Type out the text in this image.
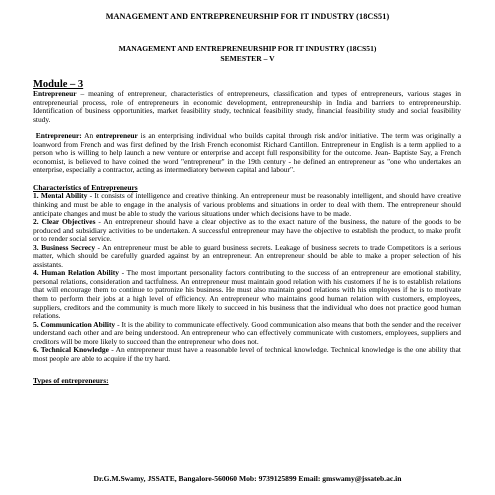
MANAGEMENT AND ENTREPRENEURSHIP FOR IT INDUSTRY (18CS51)
MANAGEMENT AND ENTREPRENEURSHIP FOR IT INDUSTRY (18CS51)
SEMESTER – V
Module – 3

Entrepreneur – meaning of entrepreneur, characteristics of entrepreneurs, classification and types of entrepreneurs, various stages in entrepreneurial process, role of entrepreneurs in economic development, entrepreneurship in India and barriers to entrepreneurship. Identification of business opportunities, market feasibility study, technical feasibility study, financial feasibility study and social feasibility study.

Entrepreneur: An entrepreneur is an enterprising individual who builds capital through risk and/or initiative. The term was originally a loanword from French and was first defined by the Irish French economist Richard Cantillon. Entrepreneur in English is a term applied to a person who is willing to help launch a new venture or enterprise and accept full responsibility for the outcome. Jean- Baptiste Say, a French economist, is believed to have coined the word "entrepreneur" in the 19th century - he defined an entrepreneur as "one who undertakes an enterprise, especially a contractor, acting as intermediatory between capital and labour".

Characteristics of Entrepreneurs

1. Mental Ability - It consists of intelligence and creative thinking. An entrepreneur must be reasonably intelligent, and should have creative thinking and must be able to engage in the analysis of various problems and situations in order to deal with them. The entrepreneur should anticipate changes and must be able to study the various situations under which decisions have to be made.

2. Clear Objectives - An entrepreneur should have a clear objective as to the exact nature of the business, the nature of the goods to be produced and subsidiary activities to be undertaken. A successful entrepreneur may have the objective to establish the product, to make profit or to render social service.

3. Business Secrecy - An entrepreneur must be able to guard business secrets. Leakage of business secrets to trade Competitors is a serious matter, which should be carefully guarded against by an entrepreneur. An entrepreneur should be able to make a proper selection of his assistants.

4. Human Relation Ability - The most important personality factors contributing to the success of an entrepreneur are emotional stability, personal relations, consideration and tactfulness. An entrepreneur must maintain good relation with his customers if he is to establish relations that will encourage them to continue to patronize his business. He must also maintain good relations with his employees if he is to motivate them to perform their jobs at a high level of efficiency. An entrepreneur who maintains good human relation with customers, employees, suppliers, creditors and the community is much more likely to succeed in his business that the individual who does not practice good human relations.

5. Communication Ability - It is the ability to communicate effectively. Good communication also means that both the sender and the receiver understand each other and are being understood. An entrepreneur who can effectively communicate with customers, employees, suppliers and creditors will be more likely to succeed than the entrepreneur who does not.

6. Technical Knowledge - An entrepreneur must have a reasonable level of technical knowledge. Technical knowledge is the one ability that most people are able to acquire if the try hard.

Types of entrepreneurs:
Dr.G.M.Swamy, JSSATE, Bangalore-560060 Mob: 9739125899 Email: gmswamy@jssateb.ac.in
